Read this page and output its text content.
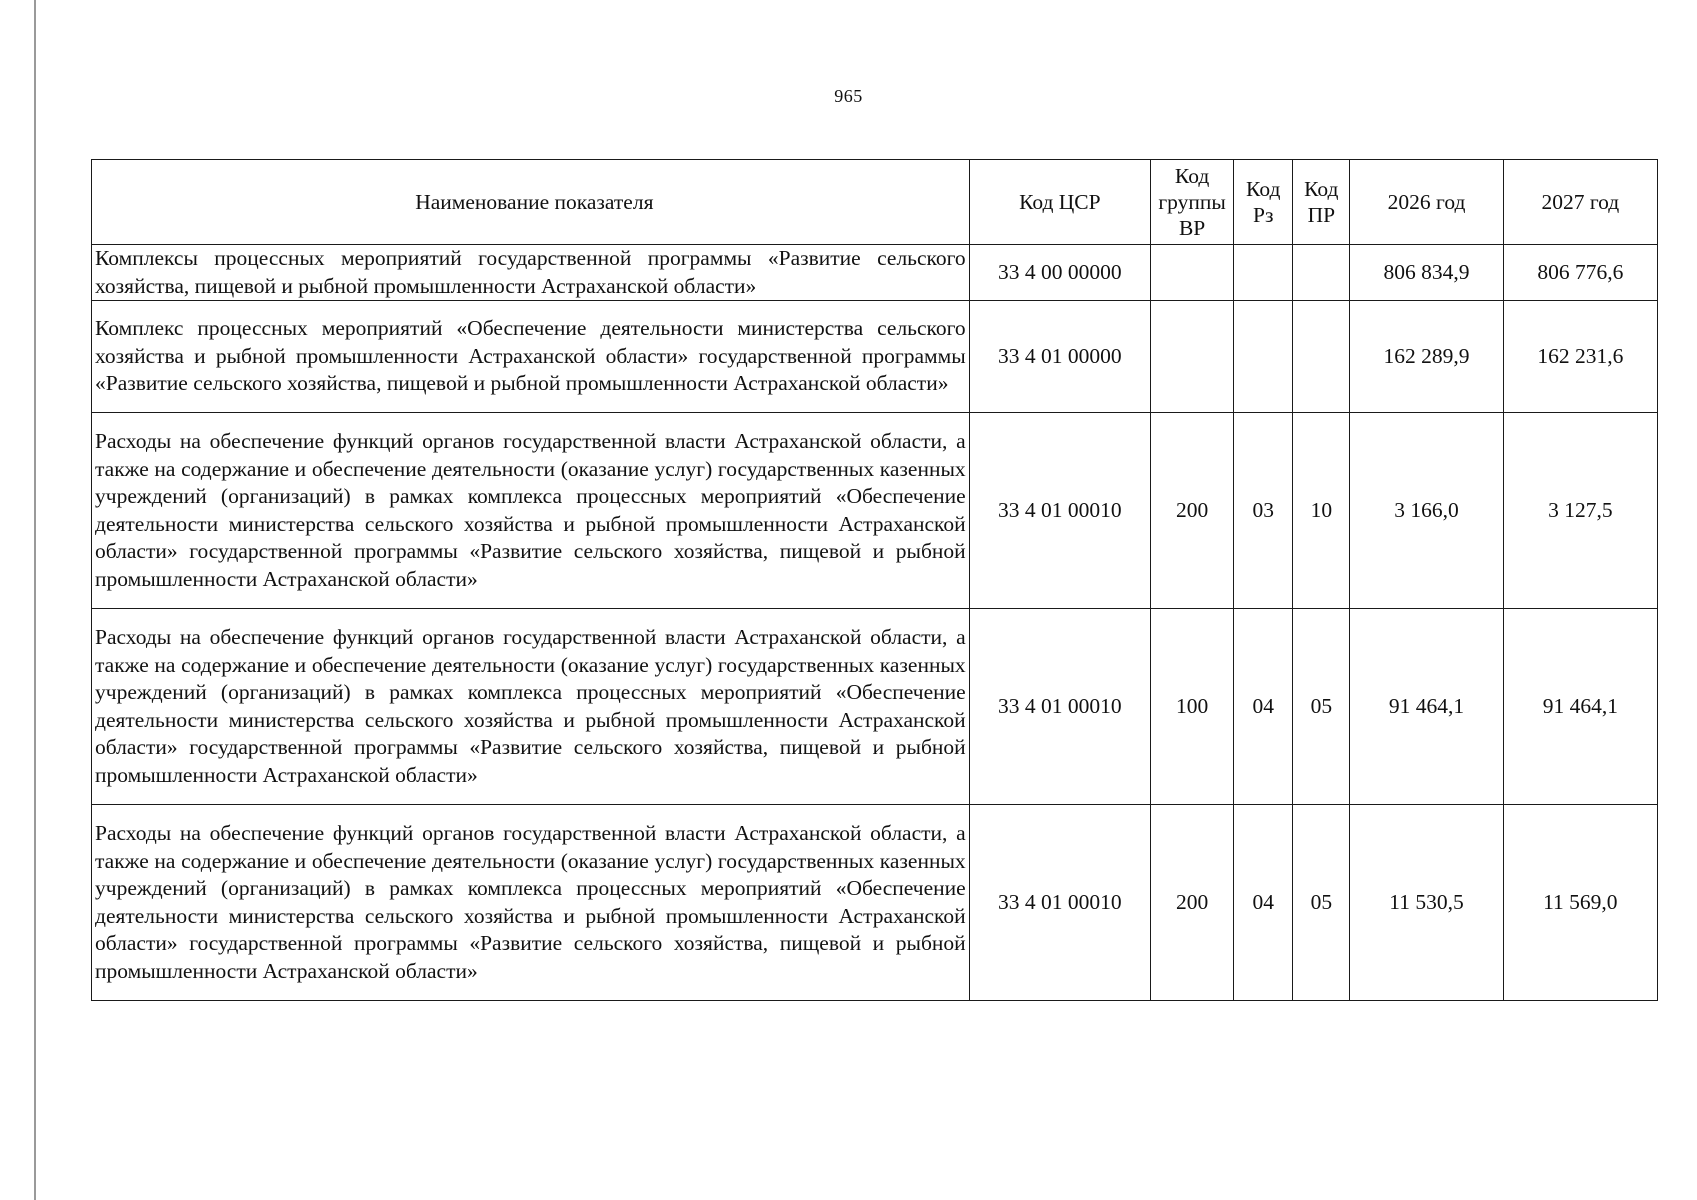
965
Наименование показателя	Код ЦСР	Код группы ВР	Код Рз	Код ПР	2026 год	2027 год
Комплексы процессных мероприятий государственной программы «Развитие сельского хозяйства, пищевой и рыбной промышленности Астраханской области»	33 4 00 00000				806 834,9	806 776,6
Комплекс процессных мероприятий «Обеспечение деятельности министерства сельского хозяйства и рыбной промышленности Астраханской области» государственной программы «Развитие сельского хозяйства, пищевой и рыбной промышленности Астраханской области»	33 4 01 00000				162 289,9	162 231,6
Расходы на обеспечение функций органов государственной власти Астраханской области, а также на содержание и обеспечение деятельности (оказание услуг) государственных казенных учреждений (организаций) в рамках комплекса процессных мероприятий «Обеспечение деятельности министерства сельского хозяйства и рыбной промышленности Астраханской области» государственной программы «Развитие сельского хозяйства, пищевой и рыбной промышленности Астраханской области»	33 4 01 00010	200	03	10	3 166,0	3 127,5
Расходы на обеспечение функций органов государственной власти Астраханской области, а также на содержание и обеспечение деятельности (оказание услуг) государственных казенных учреждений (организаций) в рамках комплекса процессных мероприятий «Обеспечение деятельности министерства сельского хозяйства и рыбной промышленности Астраханской области» государственной программы «Развитие сельского хозяйства, пищевой и рыбной промышленности Астраханской области»	33 4 01 00010	100	04	05	91 464,1	91 464,1
Расходы на обеспечение функций органов государственной власти Астраханской области, а также на содержание и обеспечение деятельности (оказание услуг) государственных казенных учреждений (организаций) в рамках комплекса процессных мероприятий «Обеспечение деятельности министерства сельского хозяйства и рыбной промышленности Астраханской области» государственной программы «Развитие сельского хозяйства, пищевой и рыбной промышленности Астраханской области»	33 4 01 00010	200	04	05	11 530,5	11 569,0
